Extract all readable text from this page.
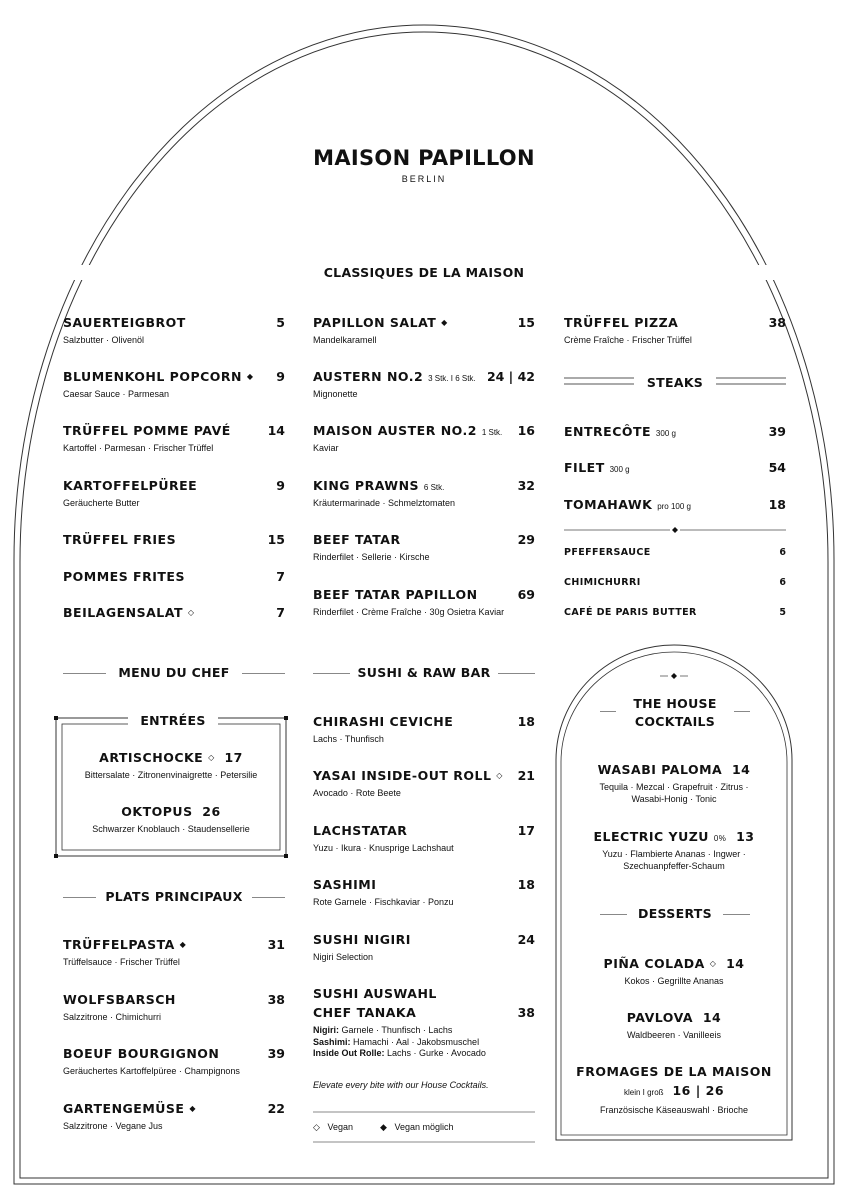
MAISON PAPILLON
BERLIN
CLASSIQUES DE LA MAISON
STEAKS
MENU DU CHEF	SUSHI & RAW BAR
ENTRÉES
PLATS PRINCIPAUX
THE HOUSE
COCKTAILS
DESSERTS
SAUERTEIGBROT	5
Salzbutter · Olivenöl
BLUMENKOHL POPCORN ◆	9
Caesar Sauce · Parmesan
TRÜFFEL POMME PAVÉ	14
Kartoffel · Parmesan · Frischer Trüffel
KARTOFFELPÜREE	9
Geräucherte Butter
TRÜFFEL FRIES	15
POMMES FRITES	7
BEILAGENSALAT ◇	7
PAPILLON SALAT ◆	15
Mandelkaramell
AUSTERN NO.2 3 Stk. I 6 Stk. 24 | 42
Mignonette
MAISON AUSTER NO.2 1 Stk.	16
Kaviar
KING PRAWNS 6 Stk.	32
Kräutermarinade · Schmelztomaten
BEEF TATAR	29
Rinderfilet · Sellerie · Kirsche
BEEF TATAR PAPILLON	69
Rinderfilet · Crème Fraîche · 30g Osietra Kaviar
TRÜFFEL PIZZA	38
Crème Fraîche · Frischer Trüffel
ENTRECÔTE 300 g	39
FILET 300 g	54
TOMAHAWK pro 100 g	18
PFEFFERSAUCE	6
CHIMICHURRI	6
CAFÉ DE PARIS BUTTER	5
ARTISCHOCKE ◇ 17
Bittersalate · Zitronenvinaigrette · Petersilie
OKTOPUS 26
Schwarzer Knoblauch · Staudensellerie
TRÜFFELPASTA ◆	31
Trüffelsauce · Frischer Trüffel
WOLFSBARSCH	38
Salzzitrone · Chimichurri
BOEUF BOURGIGNON	39
Geräuchertes Kartoffelpüree · Champignons
GARTENGEMÜSE ◆	22
Salzzitrone · Vegane Jus
CHIRASHI CEVICHE	18
Lachs · Thunfisch
YASAI INSIDE-OUT ROLL ◇	21
Avocado · Rote Beete
LACHSTATAR	17
Yuzu · Ikura · Knusprige Lachshaut
SASHIMI	18
Rote Garnele · Fischkaviar · Ponzu
SUSHI NIGIRI	24
Nigiri Selection
SUSHI AUSWAHL
CHEF TANAKA	38
Nigiri: Garnele · Thunfisch · Lachs
Sashimi: Hamachi · Aal · Jakobsmuschel
Inside Out Rolle: Lachs · Gurke · Avocado
Elevate every bite with our House Cocktails.
◇ Vegan	◆ Vegan möglich
WASABI PALOMA 14
Tequila · Mezcal · Grapefruit · Zitrus ·
Wasabi-Honig · Tonic
ELECTRIC YUZU 0% 13
Yuzu · Flambierte Ananas · Ingwer ·
Szechuanpfeffer-Schaum
PIÑA COLADA ◇ 14
Kokos · Gegrillte Ananas
PAVLOVA 14
Waldbeeren · Vanilleeis
FROMAGES DE LA MAISON
klein I groß 16 | 26
Französische Käseauswahl · Brioche
